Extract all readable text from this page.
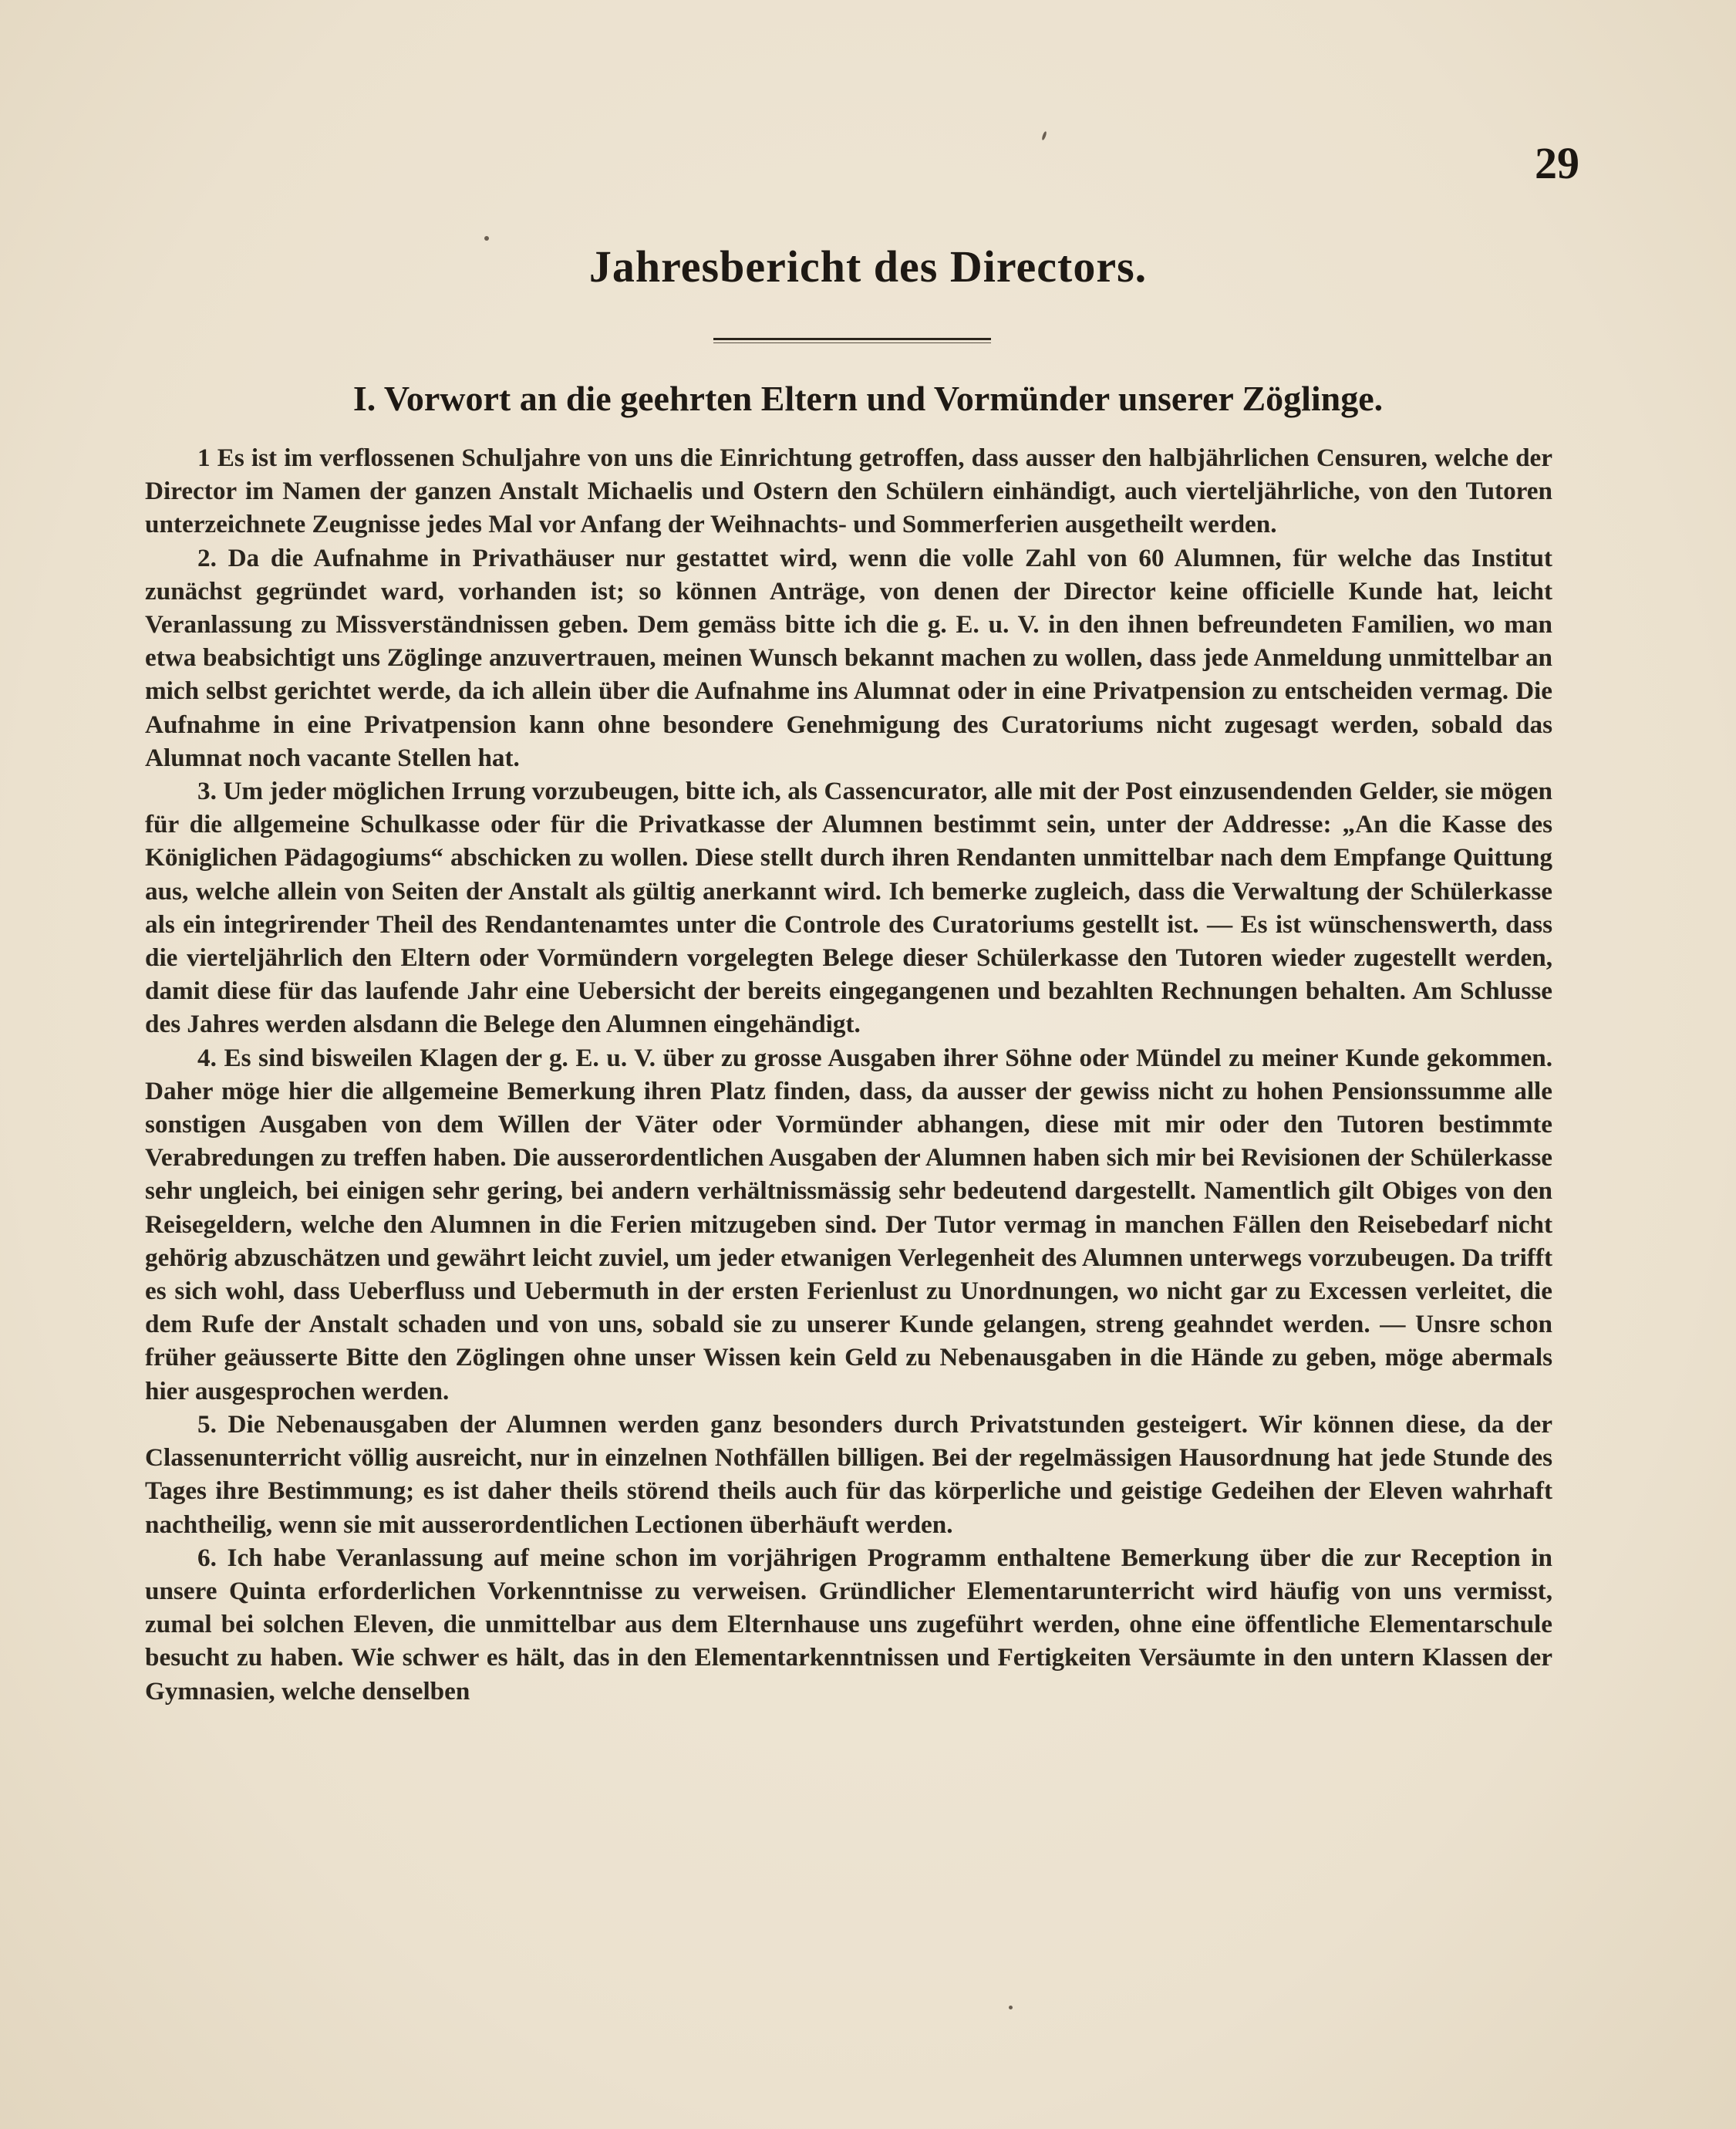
29
Jahresbericht des Directors.
I. Vorwort an die geehrten Eltern und Vormünder unserer Zöglinge.

1 Es ist im verflossenen Schuljahre von uns die Einrichtung getroffen, dass ausser den halbjährlichen Censuren, welche der Director im Namen der ganzen Anstalt Michaelis und Ostern den Schülern einhändigt, auch vierteljährliche, von den Tutoren unterzeichnete Zeugnisse jedes Mal vor Anfang der Weihnachts- und Sommerferien ausgetheilt werden.

2. Da die Aufnahme in Privathäuser nur gestattet wird, wenn die volle Zahl von 60 Alumnen, für welche das Institut zunächst gegründet ward, vorhanden ist; so können Anträge, von denen der Director keine officielle Kunde hat, leicht Veranlassung zu Missverständnissen geben. Dem gemäss bitte ich die g. E. u. V. in den ihnen befreundeten Familien, wo man etwa beabsichtigt uns Zöglinge anzuvertrauen, meinen Wunsch bekannt machen zu wollen, dass jede Anmeldung unmittelbar an mich selbst gerichtet werde, da ich allein über die Aufnahme ins Alumnat oder in eine Privatpension zu entscheiden vermag. Die Aufnahme in eine Privatpension kann ohne besondere Genehmigung des Curatoriums nicht zugesagt werden, sobald das Alumnat noch vacante Stellen hat.

3. Um jeder möglichen Irrung vorzubeugen, bitte ich, als Cassencurator, alle mit der Post einzusendenden Gelder, sie mögen für die allgemeine Schulkasse oder für die Privatkasse der Alumnen bestimmt sein, unter der Addresse: „An die Kasse des Königlichen Pädagogiums“ abschicken zu wollen. Diese stellt durch ihren Rendanten unmittelbar nach dem Empfange Quittung aus, welche allein von Seiten der Anstalt als gültig anerkannt wird. Ich bemerke zugleich, dass die Verwaltung der Schülerkasse als ein integrirender Theil des Rendantenamtes unter die Controle des Curatoriums gestellt ist. — Es ist wünschenswerth, dass die vierteljährlich den Eltern oder Vormündern vorgelegten Belege dieser Schülerkasse den Tutoren wieder zugestellt werden, damit diese für das laufende Jahr eine Uebersicht der bereits eingegangenen und bezahlten Rechnungen behalten. Am Schlusse des Jahres werden alsdann die Belege den Alumnen eingehändigt.

4. Es sind bisweilen Klagen der g. E. u. V. über zu grosse Ausgaben ihrer Söhne oder Mündel zu meiner Kunde gekommen. Daher möge hier die allgemeine Bemerkung ihren Platz finden, dass, da ausser der gewiss nicht zu hohen Pensionssumme alle sonstigen Ausgaben von dem Willen der Väter oder Vormünder abhangen, diese mit mir oder den Tutoren bestimmte Verabredungen zu treffen haben. Die ausserordentlichen Ausgaben der Alumnen haben sich mir bei Revisionen der Schülerkasse sehr ungleich, bei einigen sehr gering, bei andern verhältnissmässig sehr bedeutend dargestellt. Namentlich gilt Obiges von den Reisegeldern, welche den Alumnen in die Ferien mitzugeben sind. Der Tutor vermag in manchen Fällen den Reisebedarf nicht gehörig abzuschätzen und gewährt leicht zuviel, um jeder etwanigen Verlegenheit des Alumnen unterwegs vorzubeugen. Da trifft es sich wohl, dass Ueberfluss und Uebermuth in der ersten Ferienlust zu Unordnungen, wo nicht gar zu Excessen verleitet, die dem Rufe der Anstalt schaden und von uns, sobald sie zu unserer Kunde gelangen, streng geahndet werden. — Unsre schon früher geäusserte Bitte den Zöglingen ohne unser Wissen kein Geld zu Nebenausgaben in die Hände zu geben, möge abermals hier ausgesprochen werden.

5. Die Nebenausgaben der Alumnen werden ganz besonders durch Privatstunden gesteigert. Wir können diese, da der Classenunterricht völlig ausreicht, nur in einzelnen Nothfällen billigen. Bei der regelmässigen Hausordnung hat jede Stunde des Tages ihre Bestimmung; es ist daher theils störend theils auch für das körperliche und geistige Gedeihen der Eleven wahrhaft nachtheilig, wenn sie mit ausserordentlichen Lectionen überhäuft werden.

6. Ich habe Veranlassung auf meine schon im vorjährigen Programm enthaltene Bemerkung über die zur Reception in unsere Quinta erforderlichen Vorkenntnisse zu verweisen. Gründlicher Elementarunterricht wird häufig von uns vermisst, zumal bei solchen Eleven, die unmittelbar aus dem Elternhause uns zugeführt werden, ohne eine öffentliche Elementarschule besucht zu haben. Wie schwer es hält, das in den Elementarkenntnissen und Fertigkeiten Versäumte in den untern Klassen der Gymnasien, welche denselben
